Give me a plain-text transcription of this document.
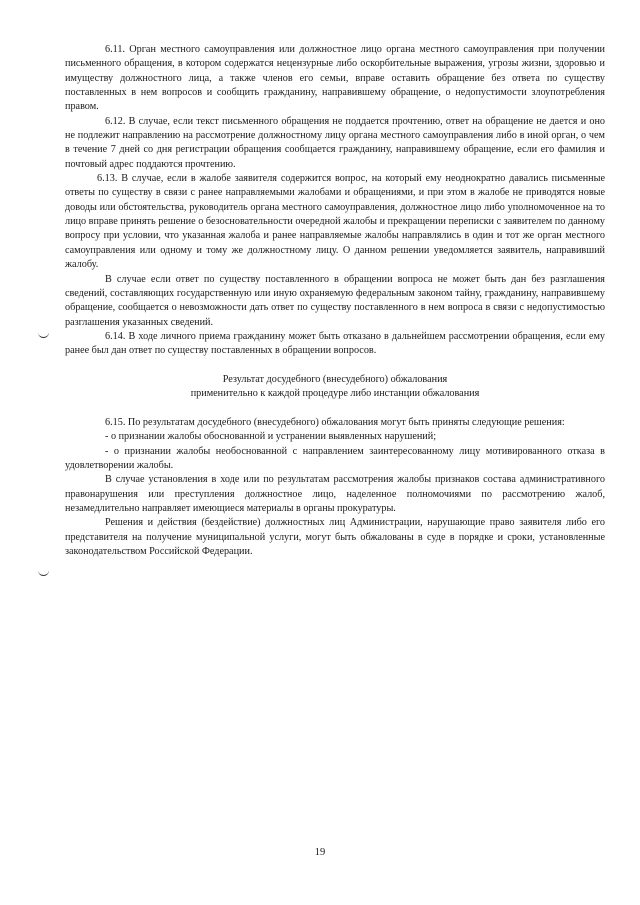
6.11. Орган местного самоуправления или должностное лицо органа местного самоуправления при получении письменного обращения, в котором содержатся нецензурные либо оскорбительные выражения, угрозы жизни, здоровью и имуществу должностного лица, а также членов его семьи, вправе оставить обращение без ответа по существу поставленных в нем вопросов и сообщить гражданину, направившему обращение, о недопустимости злоупотребления правом.

6.12. В случае, если текст письменного обращения не поддается прочтению, ответ на обращение не дается и оно не подлежит направлению на рассмотрение должностному лицу органа местного самоуправления либо в иной орган, о чем в течение 7 дней со дня регистрации обращения сообщается гражданину, направившему обращение, если его фамилия и почтовый адрес поддаются прочтению.

6.13. В случае, если в жалобе заявителя содержится вопрос, на который ему неоднократно давались письменные ответы по существу в связи с ранее направляемыми жалобами и обращениями, и при этом в жалобе не приводятся новые доводы или обстоятельства, руководитель органа местного самоуправления, должностное лицо либо уполномоченное на то лицо вправе принять решение о безосновательности очередной жалобы и прекращении переписки с заявителем по данному вопросу при условии, что указанная жалоба и ранее направляемые жалобы направлялись в один и тот же орган местного самоуправления или одному и тому же должностному лицу. О данном решении уведомляется заявитель, направивший жалобу.

В случае если ответ по существу поставленного в обращении вопроса не может быть дан без разглашения сведений, составляющих государственную или иную охраняемую федеральным законом тайну, гражданину, направившему обращение, сообщается о невозможности дать ответ по существу поставленного в нем вопроса в связи с недопустимостью разглашения указанных сведений.

6.14. В ходе личного приема гражданину может быть отказано в дальнейшем рассмотрении обращения, если ему ранее был дан ответ по существу поставленных в обращении вопросов.

Результат досудебного (внесудебного) обжалования

применительно к каждой процедуре либо инстанции обжалования

6.15. По результатам досудебного (внесудебного) обжалования могут быть приняты следующие решения:

- о признании жалобы обоснованной и устранении выявленных нарушений;

- о признании жалобы необоснованной с направлением заинтересованному лицу мотивированного отказа в удовлетворении жалобы.

В случае установления в ходе или по результатам рассмотрения жалобы признаков состава административного правонарушения или преступления должностное лицо, наделенное полномочиями по рассмотрению жалоб, незамедлительно направляет имеющиеся материалы в органы прокуратуры.

Решения и действия (бездействие) должностных лиц Администрации, нарушающие право заявителя либо его представителя на получение муниципальной услуги, могут быть обжалованы в суде в порядке и сроки, установленные законодательством Российской Федерации.

19
